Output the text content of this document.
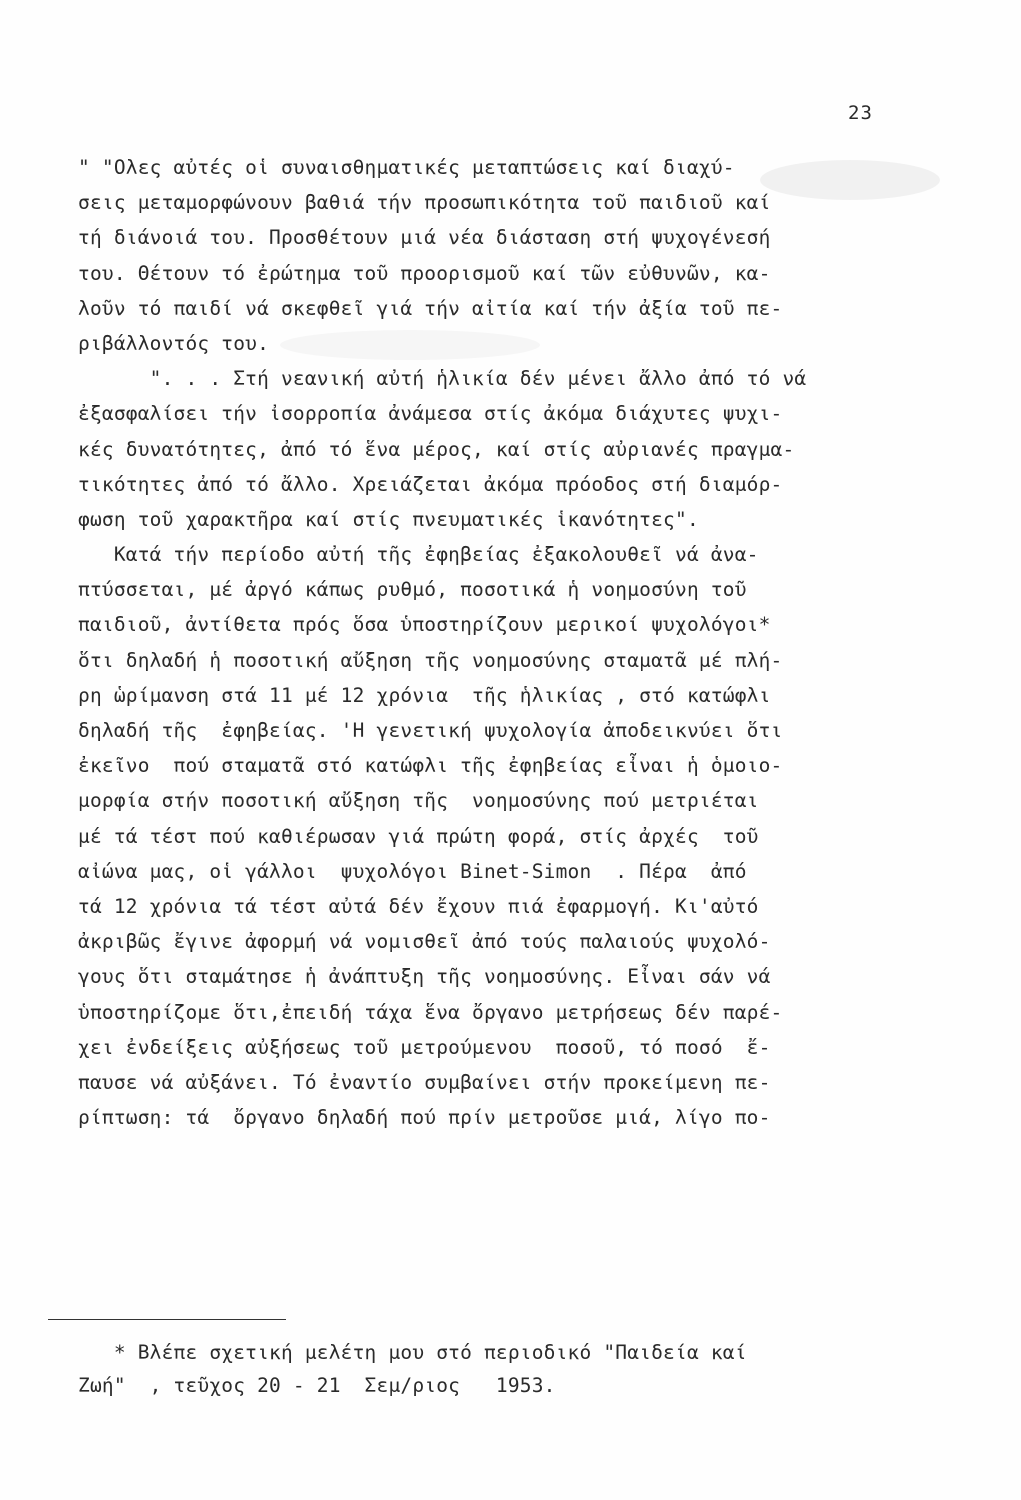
23
" "Ολες αὐτές οἱ συναισθηματικές μεταπτώσεις καί διαχύ-
σεις μεταμορφώνουν βαθιά τήν προσωπικότητα τοῦ παιδιοῦ καί
τή διάνοιά του. Προσθέτουν μιά νέα διάσταση στή ψυχογένεσή
του. Θέτουν τό ἐρώτημα τοῦ προορισμοῦ καί τῶν εὐθυνῶν, κα-
λοῦν τό παιδί νά σκεφθεῖ γιά τήν αἰτία καί τήν ἀξία τοῦ πε-
ριβάλλοντός του.
". . . Στή νεανική αὐτή ἡλικία δέν μένει ἄλλο ἀπό τό νά
ἐξασφαλίσει τήν ἰσορροπία ἀνάμεσα στίς ἀκόμα διάχυτες ψυχι-
κές δυνατότητες, ἀπό τό ἕνα μέρος, καί στίς αὐριανές πραγμα-
τικότητες ἀπό τό ἄλλο. Χρειάζεται ἀκόμα πρόοδος στή διαμόρ-
φωση τοῦ χαρακτῆρα καί στίς πνευματικές ἱκανότητες".
Κατά τήν περίοδο αὐτή τῆς ἐφηβείας ἐξακολουθεῖ νά ἀνα-
πτύσσεται, μέ ἀργό κάπως ρυθμό, ποσοτικά ἡ νοημοσύνη τοῦ
παιδιοῦ, ἀντίθετα πρός ὅσα ὑποστηρίζουν μερικοί ψυχολόγοι*
ὅτι δηλαδή ἡ ποσοτική αὔξηση τῆς νοημοσύνης σταματᾶ μέ πλή-
ρη ὡρίμανση στά 11 μέ 12 χρόνια  τῆς ἡλικίας , στό κατώφλι
δηλαδή τῆς  ἐφηβείας. 'Η γενετική ψυχολογία ἀποδεικνύει ὅτι
ἐκεῖνο  πού σταματᾶ στό κατώφλι τῆς ἐφηβείας εἶναι ἡ ὁμοιο-
μορφία στήν ποσοτική αὔξηση τῆς  νοημοσύνης πού μετριέται
μέ τά τέστ πού καθιέρωσαν γιά πρώτη φορά, στίς ἀρχές  τοῦ
αἰώνα μας, οἱ γάλλοι  ψυχολόγοι Binet-Simon  . Πέρα  ἀπό
τά 12 χρόνια τά τέστ αὐτά δέν ἔχουν πιά ἐφαρμογή. Κι'αὐτό
ἀκριβῶς ἔγινε ἀφορμή νά νομισθεῖ ἀπό τούς παλαιούς ψυχολό-
γους ὅτι σταμάτησε ἡ ἀνάπτυξη τῆς νοημοσύνης. Εἶναι σάν νά
ὑποστηρίζομε ὅτι,ἐπειδή τάχα ἕνα ὄργανο μετρήσεως δέν παρέ-
χει ἐνδείξεις αὐξήσεως τοῦ μετρούμενου  ποσοῦ, τό ποσό  ἔ-
παυσε νά αὐξάνει. Τό ἐναντίο συμβαίνει στήν προκείμενη πε-
ρίπτωση: τά  ὄργανο δηλαδή πού πρίν μετροῦσε μιά, λίγο πο-
* Βλέπε σχετική μελέτη μου στό περιοδικό "Παιδεία καί
Ζωή"  , τεῦχος 20 - 21  Σεμ/ριος   1953.
